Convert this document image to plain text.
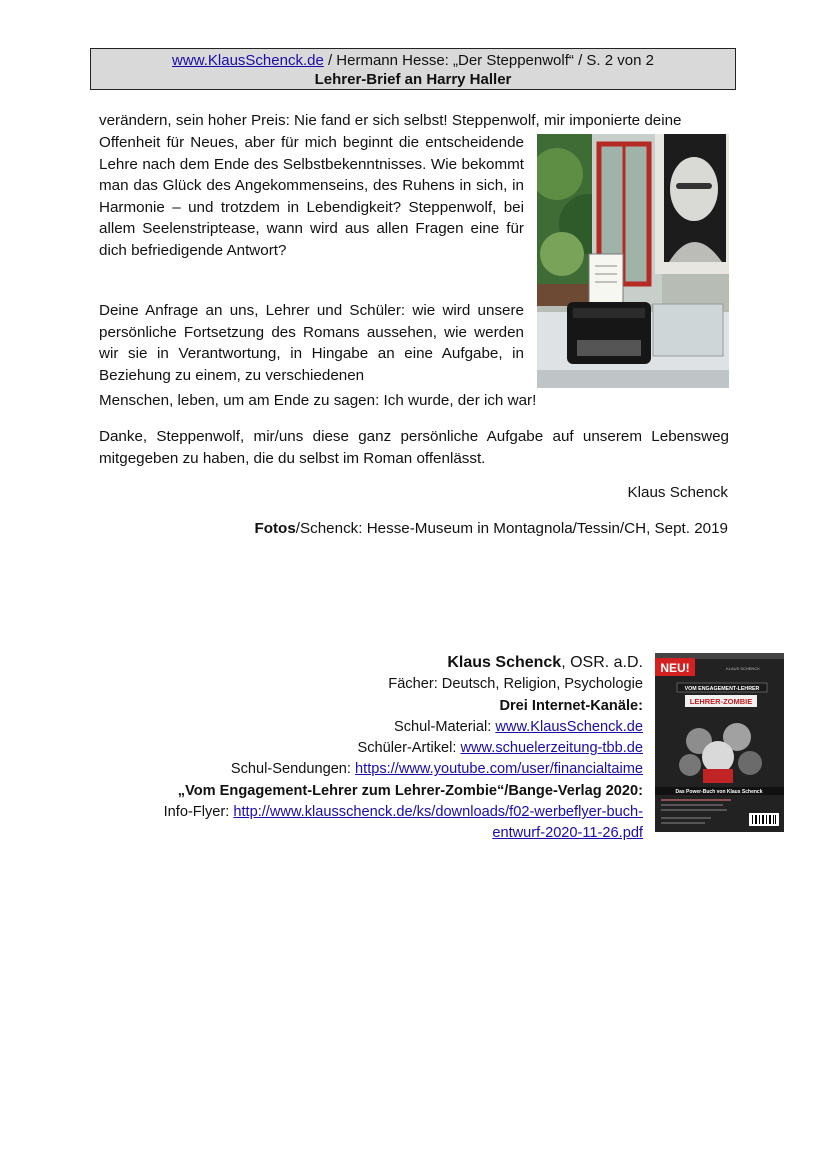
www.KlausSchenck.de / Hermann Hesse: „Der Steppenwolf“ / S. 2 von 2
Lehrer-Brief an Harry Haller
verändern, sein hoher Preis: Nie fand er sich selbst! Steppenwolf, mir imponierte deine
Offenheit für Neues, aber für mich beginnt die entscheidende Lehre nach dem Ende des Selbstbekenntnisses. Wie bekommt man das Glück des Angekommenseins, des Ruhens in sich, in Harmonie – und trotzdem in Lebendigkeit? Steppenwolf, bei allem Seelenstriptease, wann wird aus allen Fragen eine für dich befriedigende Antwort?
Deine Anfrage an uns, Lehrer und Schüler: wie wird unsere persönliche Fortsetzung des Romans aussehen, wie werden wir sie in Verantwortung, in Hingabe an eine Aufgabe, in Beziehung zu einem, zu verschiedenen
Menschen, leben, um am Ende zu sagen: Ich wurde, der ich war!
Danke, Steppenwolf, mir/uns diese ganz persönliche Aufgabe auf unserem Lebensweg mitgegeben zu haben, die du selbst im Roman offenlässt.
Klaus Schenck
Fotos/Schenck: Hesse-Museum in Montagnola/Tessin/CH, Sept. 2019
Klaus Schenck, OSR. a.D.
Fächer: Deutsch, Religion, Psychologie
Drei Internet-Kanäle:
Schul-Material: www.KlausSchenck.de
Schüler-Artikel: www.schuelerzeitung-tbb.de
Schul-Sendungen: https://www.youtube.com/user/financialtaime
„Vom Engagement-Lehrer zum Lehrer-Zombie“/Bange-Verlag 2020:
Info-Flyer: http://www.klausschenck.de/ks/downloads/f02-werbeflyer-buch-
entwurf-2020-11-26.pdf
NEU!	KLAUS SCHENCK
VOM ENGAGEMENT-LEHRER
LEHRER-ZOMBIE
Das Power-Buch von Klaus Schenck
